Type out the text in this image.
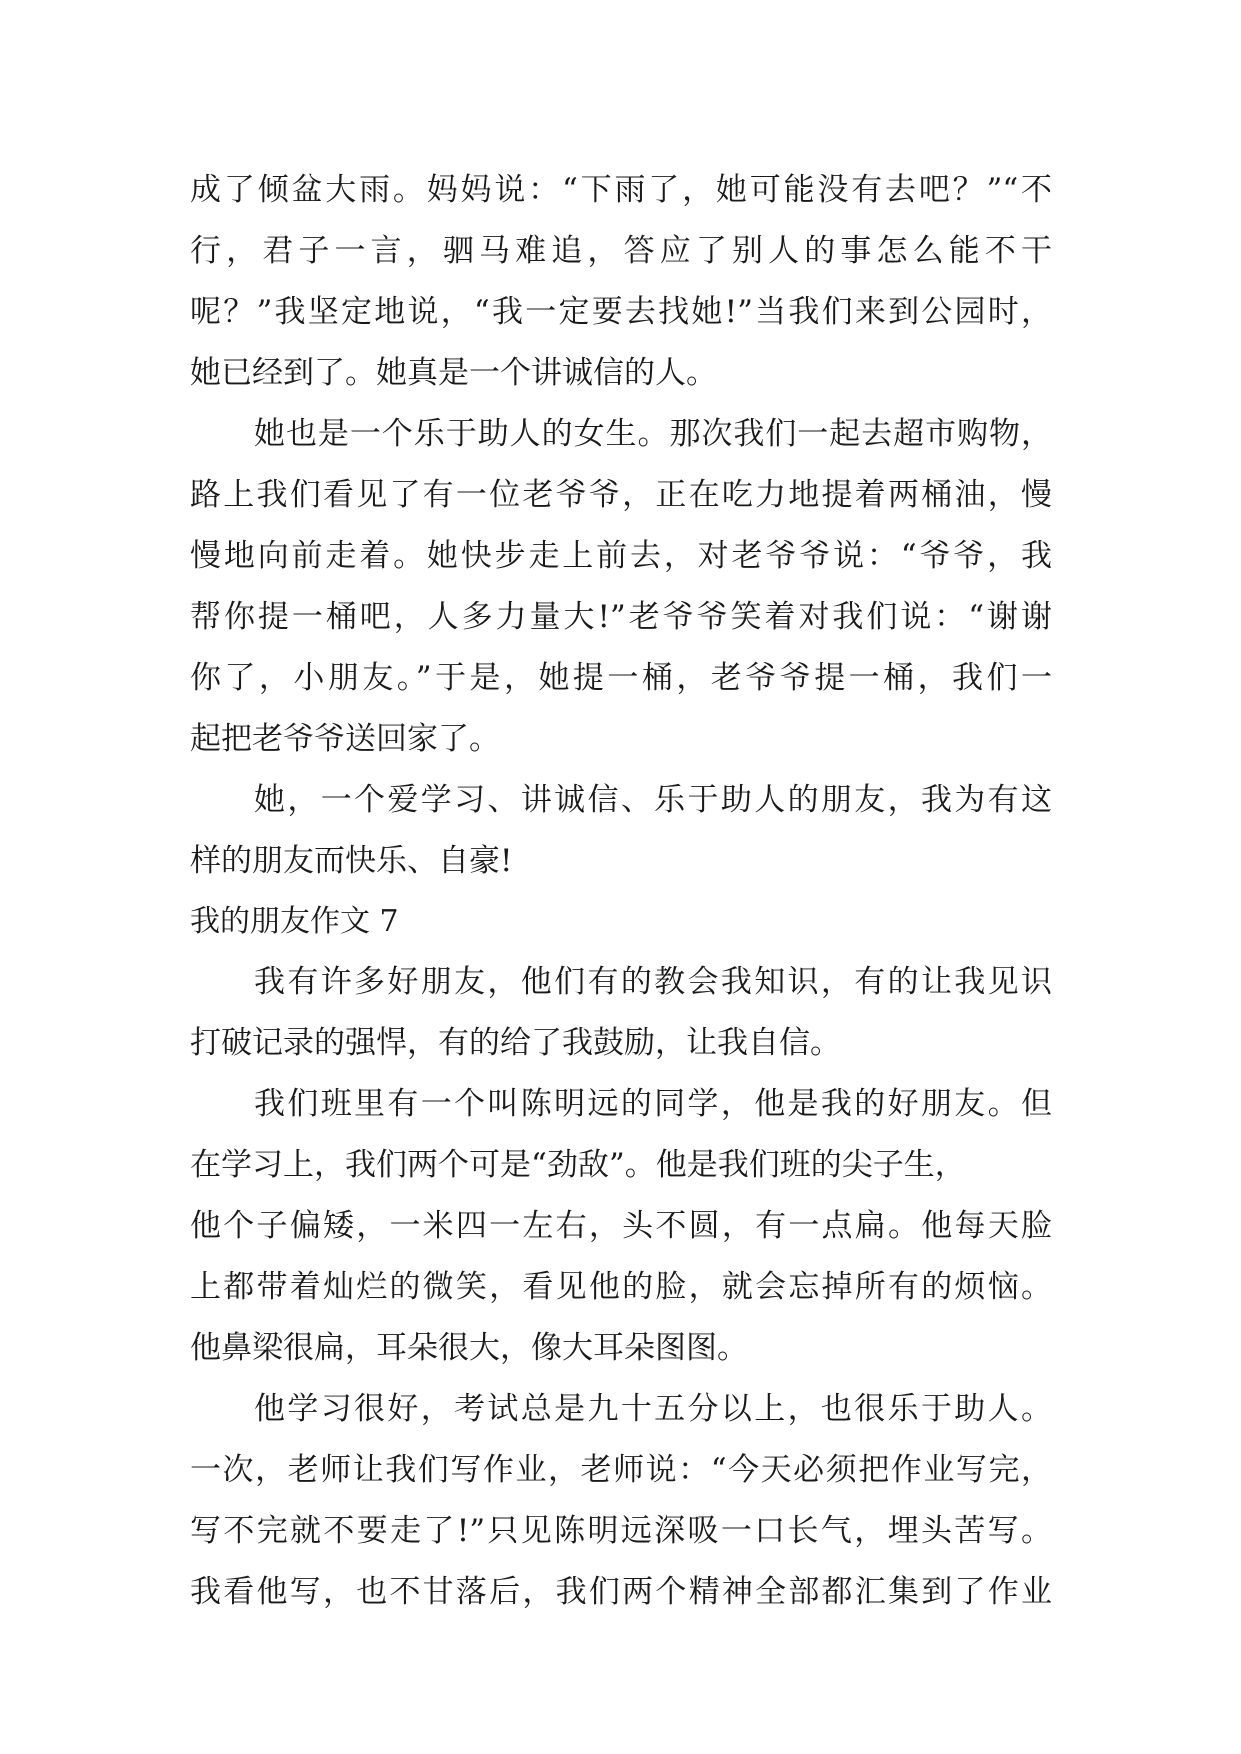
成了倾盆大雨。妈妈说：“下雨了，她可能没有去吧？”“不
行，君子一言，驷马难追，答应了别人的事怎么能不干
呢？”我坚定地说，“我一定要去找她!”当我们来到公园时，
她已经到了。她真是一个讲诚信的人。
她也是一个乐于助人的女生。那次我们一起去超市购物，
路上我们看见了有一位老爷爷，正在吃力地提着两桶油，慢
慢地向前走着。她快步走上前去，对老爷爷说：“爷爷，我
帮你提一桶吧，人多力量大!”老爷爷笑着对我们说：“谢谢
你了，小朋友。”于是，她提一桶，老爷爷提一桶，我们一
起把老爷爷送回家了。
她，一个爱学习、讲诚信、乐于助人的朋友，我为有这
样的朋友而快乐、自豪!
我的朋友作文 7
我有许多好朋友，他们有的教会我知识，有的让我见识
打破记录的强悍，有的给了我鼓励，让我自信。
我们班里有一个叫陈明远的同学，他是我的好朋友。但
在学习上，我们两个可是“劲敌”。他是我们班的尖子生，
他个子偏矮，一米四一左右，头不圆，有一点扁。他每天脸
上都带着灿烂的微笑，看见他的脸，就会忘掉所有的烦恼。
他鼻梁很扁，耳朵很大，像大耳朵图图。
他学习很好，考试总是九十五分以上，也很乐于助人。
一次，老师让我们写作业，老师说：“今天必须把作业写完，
写不完就不要走了!”只见陈明远深吸一口长气，埋头苦写。
我看他写，也不甘落后，我们两个精神全部都汇集到了作业
